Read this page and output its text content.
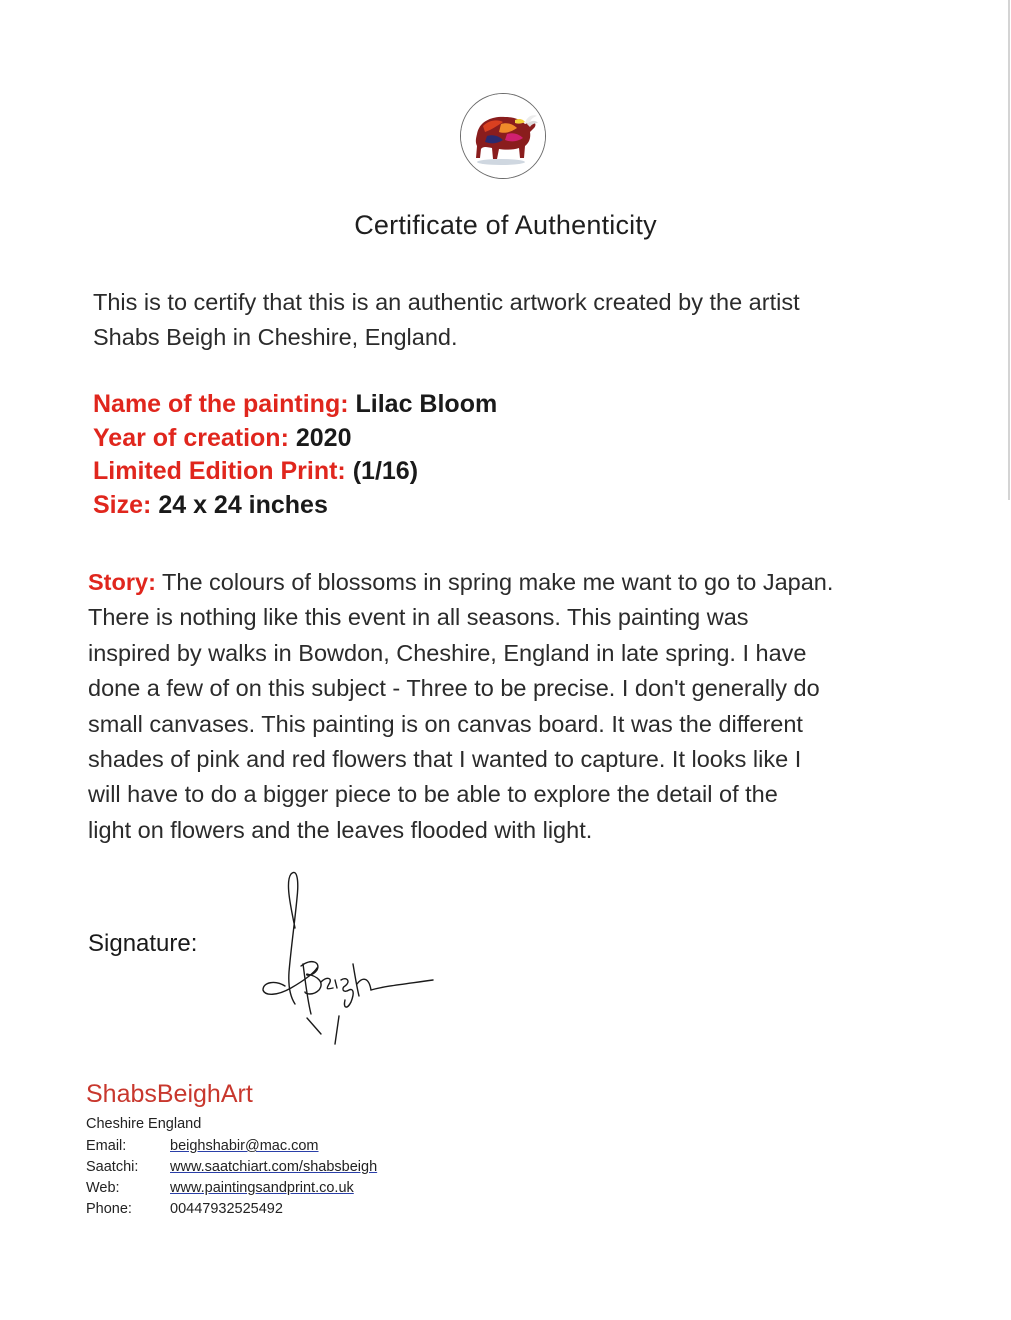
Certificate of Authenticity
This is to certify that this is an authentic artwork created by the artist
Shabs Beigh in Cheshire, England.
Name of the painting: Lilac Bloom
Year of creation: 2020
Limited Edition Print: (1/16)
Size: 24 x 24 inches
Story: The colours of blossoms in spring make me want to go to Japan.
There is nothing like this event in all seasons. This painting was
inspired by walks in Bowdon, Cheshire, England in late spring. I have
done a few of on this subject - Three to be precise. I don't generally do
small canvases. This painting is on canvas board. It was the different
shades of pink and red flowers that I wanted to capture. It looks like I
will have to do a bigger piece to be able to explore the detail of the
light on flowers and the leaves flooded with light.
Signature:
ShabsBeighArt
Cheshire England
Email:	beighshabir@mac.com
Saatchi:	www.saatchiart.com/shabsbeigh
Web:	www.paintingsandprint.co.uk
Phone:	00447932525492
